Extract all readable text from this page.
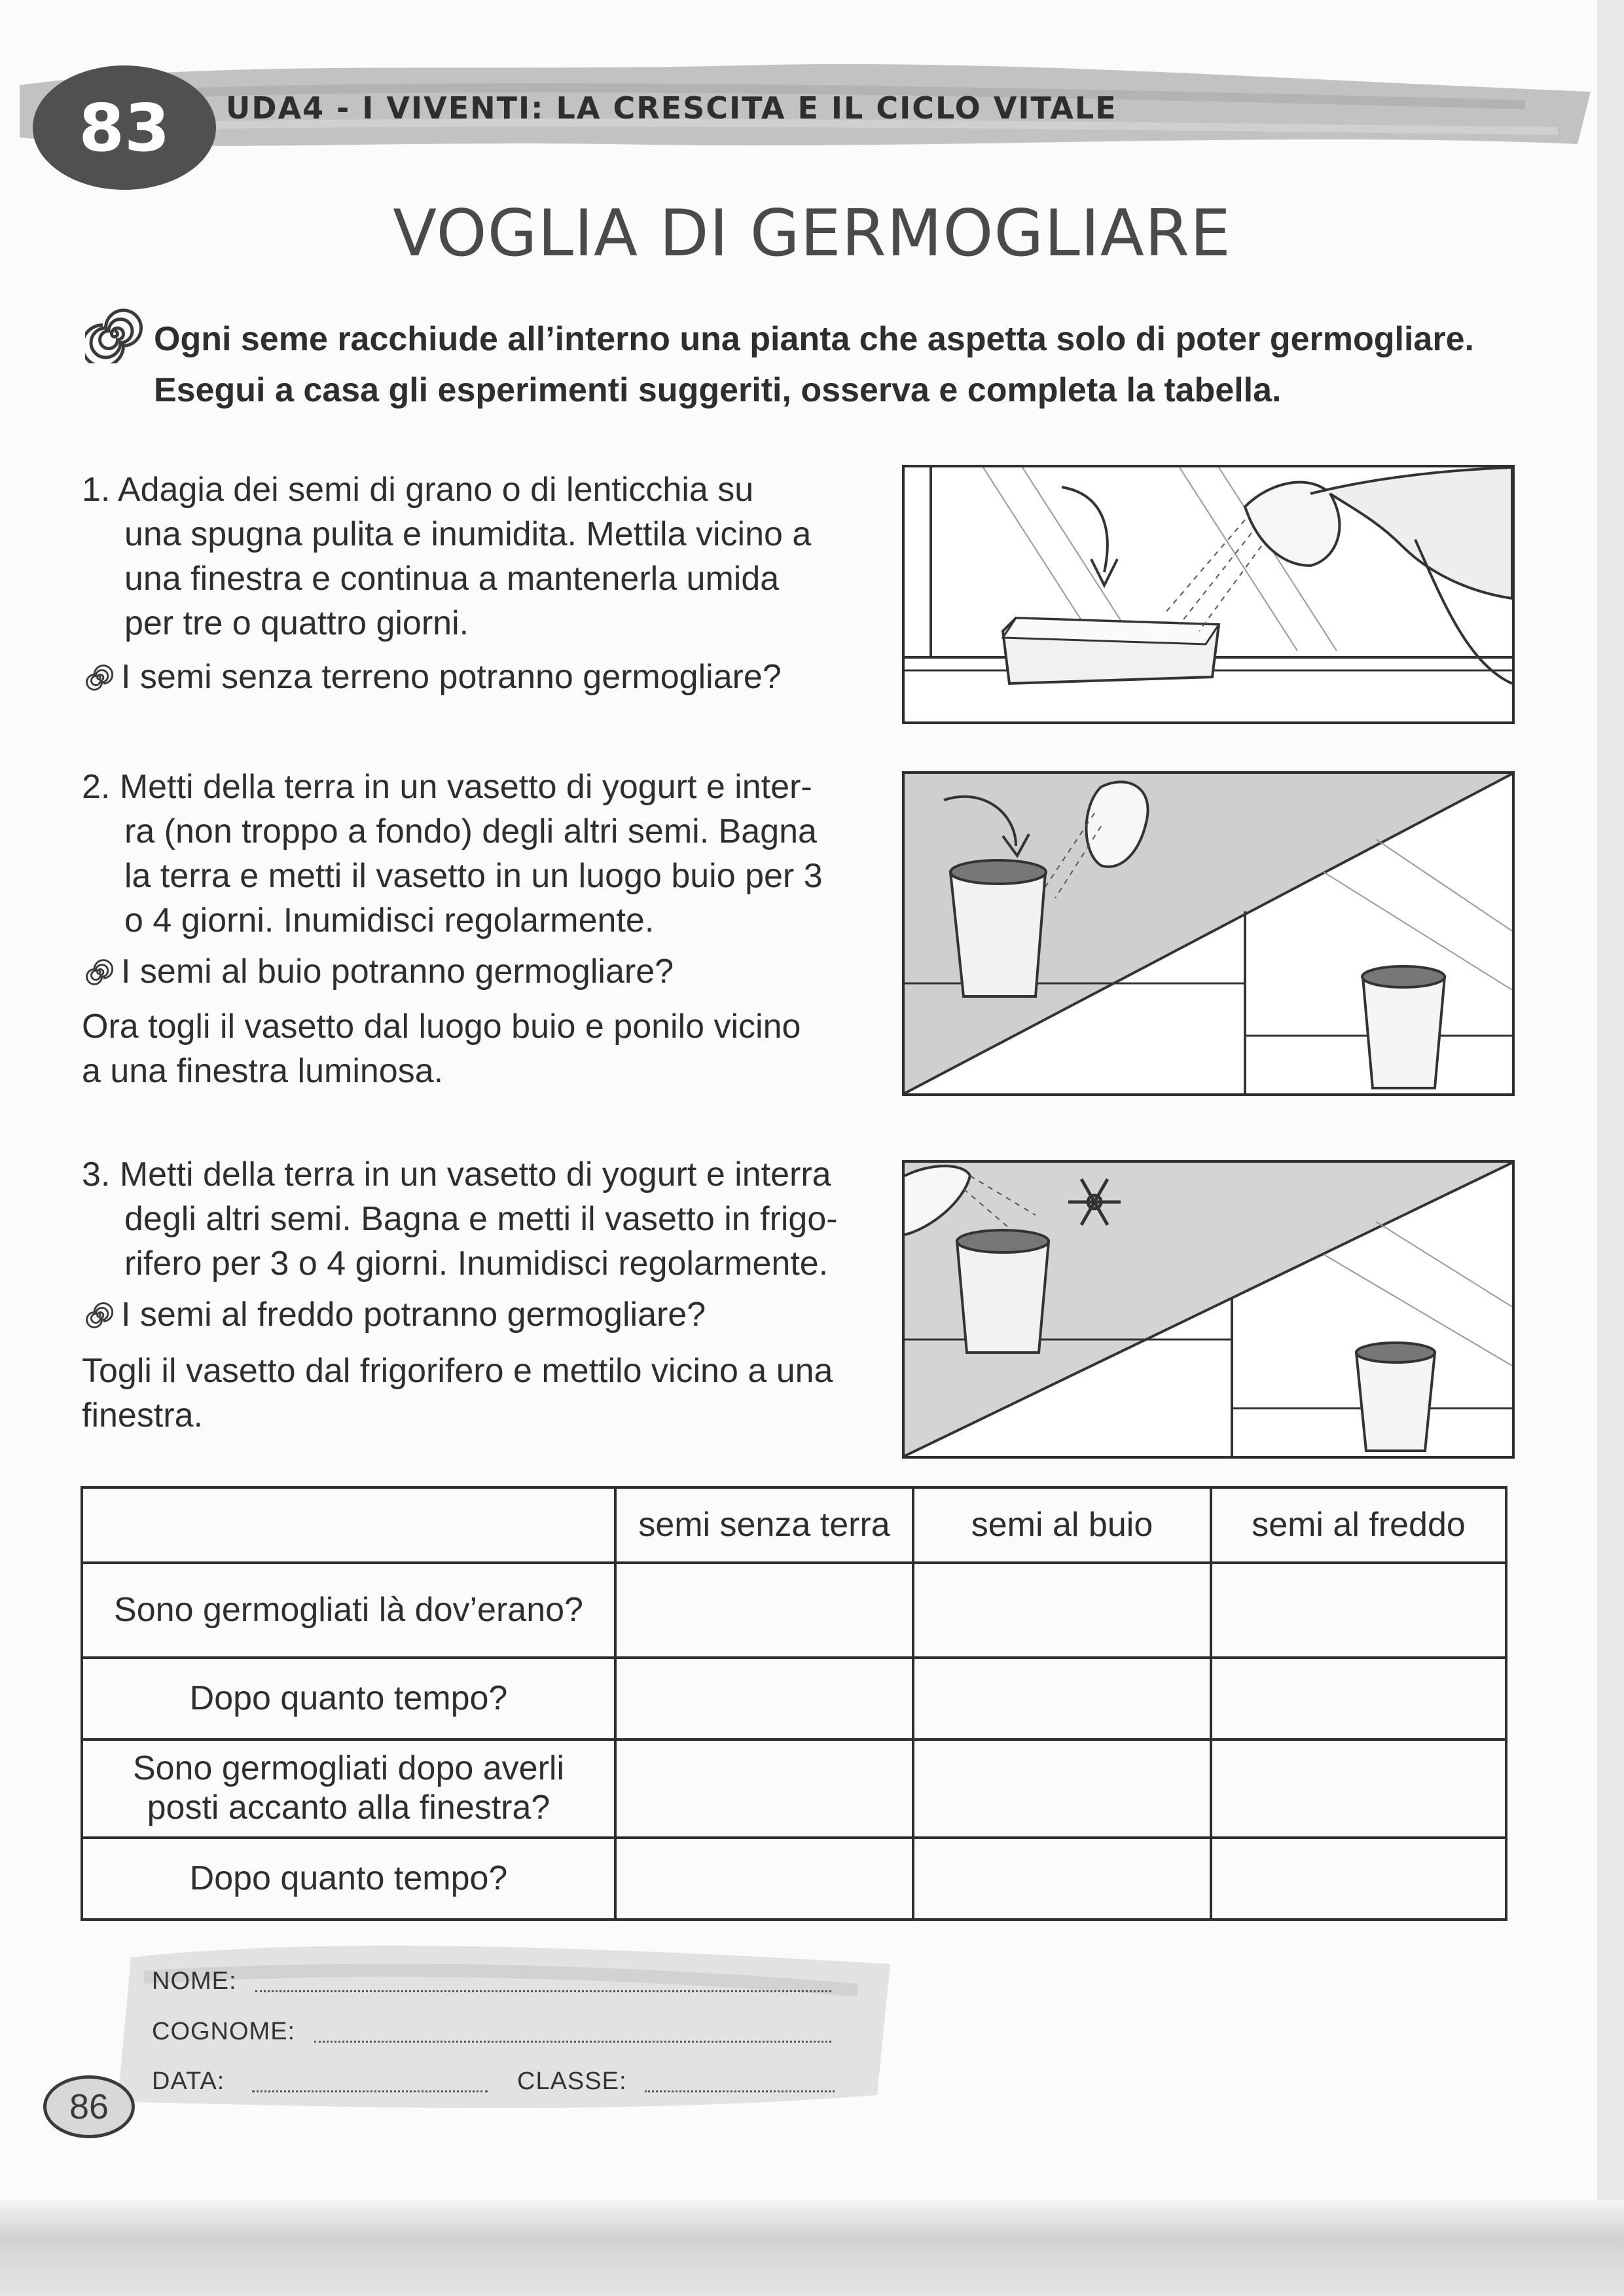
83	UDA4 - I VIVENTI: LA CRESCITA E IL CICLO VITALE
VOGLIA DI GERMOGLIARE
Ogni seme racchiude all’interno una pianta che aspetta solo di poter germogliare.
Esegui a casa gli esperimenti suggeriti, osserva e completa la tabella.
1. Adagia dei semi di grano o di lenticchia su
una spugna pulita e inumidita. Mettila vicino a
una finestra e continua a mantenerla umida
per tre o quattro giorni.
I semi senza terreno potranno germogliare?
2. Metti della terra in un vasetto di yogurt e inter-
ra (non troppo a fondo) degli altri semi. Bagna
la terra e metti il vasetto in un luogo buio per 3
o 4 giorni. Inumidisci regolarmente.
I semi al buio potranno germogliare?
Ora togli il vasetto dal luogo buio e ponilo vicino
a una finestra luminosa.
3. Metti della terra in un vasetto di yogurt e interra
degli altri semi. Bagna e metti il vasetto in frigo-
rifero per 3 o 4 giorni. Inumidisci regolarmente.
I semi al freddo potranno germogliare?
Togli il vasetto dal frigorifero e mettilo vicino a una
finestra.
	semi senza terra	semi al buio	semi al freddo
Sono germogliati là dov’erano?			
Dopo quanto tempo?			
Sono germogliati dopo averli
posti accanto alla finestra?			
Dopo quanto tempo?			
NOME:
COGNOME:
DATA:	CLASSE:
86
